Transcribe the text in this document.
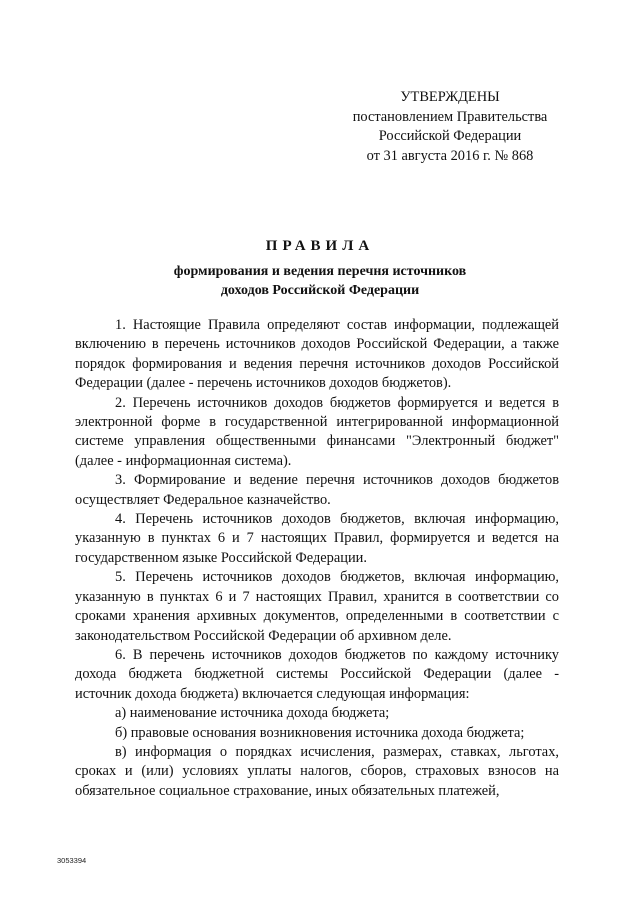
УТВЕРЖДЕНЫ
постановлением Правительства
Российской Федерации
от 31 августа 2016 г. № 868
ПРАВИЛА
формирования и ведения перечня источников
доходов Российской Федерации

1. Настоящие Правила определяют состав информации, подлежащей включению в перечень источников доходов Российской Федерации, а также порядок формирования и ведения перечня источников доходов Российской Федерации (далее - перечень источников доходов бюджетов).

2. Перечень источников доходов бюджетов формируется и ведется в электронной форме в государственной интегрированной информационной системе управления общественными финансами "Электронный бюджет" (далее - информационная система).

3. Формирование и ведение перечня источников доходов бюджетов осуществляет Федеральное казначейство.

4. Перечень источников доходов бюджетов, включая информацию, указанную в пунктах 6 и 7 настоящих Правил, формируется и ведется на государственном языке Российской Федерации.

5. Перечень источников доходов бюджетов, включая информацию, указанную в пунктах 6 и 7 настоящих Правил, хранится в соответствии со сроками хранения архивных документов, определенными в соответствии с законодательством Российской Федерации об архивном деле.

6. В перечень источников доходов бюджетов по каждому источнику дохода бюджета бюджетной системы Российской Федерации (далее - источник дохода бюджета) включается следующая информация:

а) наименование источника дохода бюджета;

б) правовые основания возникновения источника дохода бюджета;

в) информация о порядках исчисления, размерах, ставках, льготах, сроках и (или) условиях уплаты налогов, сборов, страховых взносов на обязательное социальное страхование, иных обязательных платежей,

3053394
